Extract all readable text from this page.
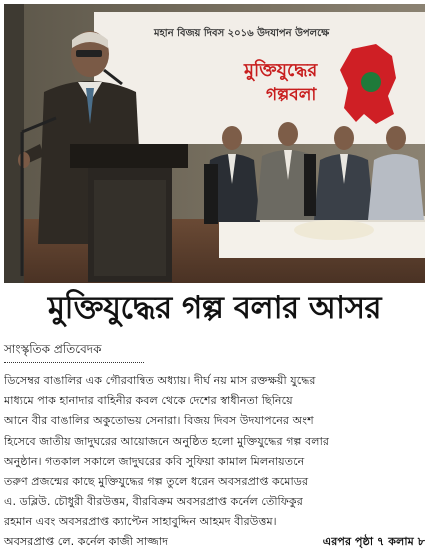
মহান বিজয় দিবস ২০১৬ উদযাপন উপলক্ষে
মুক্তিযুদ্ধের
গল্পবলা
মুক্তিযুদ্ধের গল্প বলার আসর
সাংস্কৃতিক প্রতিবেদক
ডিসেম্বর বাঙালির এক গৌরবান্বিত অধ্যায়। দীর্ঘ নয় মাস রক্তক্ষয়ী যুদ্ধের
মাধ্যমে পাক হানাদার বাহিনীর কবল থেকে দেশের স্বাধীনতা ছিনিয়ে
আনে বীর বাঙালির অকুতোভয় সেনারা। বিজয় দিবস উদযাপনের অংশ
হিসেবে জাতীয় জাদুঘরের আয়োজনে অনুষ্ঠিত হলো মুক্তিযুদ্ধের গল্প বলার
অনুষ্ঠান। গতকাল সকালে জাদুঘরের কবি সুফিয়া কামাল মিলনায়তনে
তরুণ প্রজন্মের কাছে মুক্তিযুদ্ধের গল্প তুলে ধরেন অবসরপ্রাপ্ত কমোডর
এ. ডব্লিউ. চৌধুরী বীরউত্তম, বীরবিক্রম অবসরপ্রাপ্ত কর্নেল তৌফিকুর
রহমান এবং অবসরপ্রাপ্ত ক্যাপ্টেন সাহাবুদ্দিন আহমদ বীরউত্তম।
অবসরপ্রাপ্ত লে. কর্নেল কাজী সাজ্জাদ	এরপর পৃষ্ঠা ৭ কলাম ৮
